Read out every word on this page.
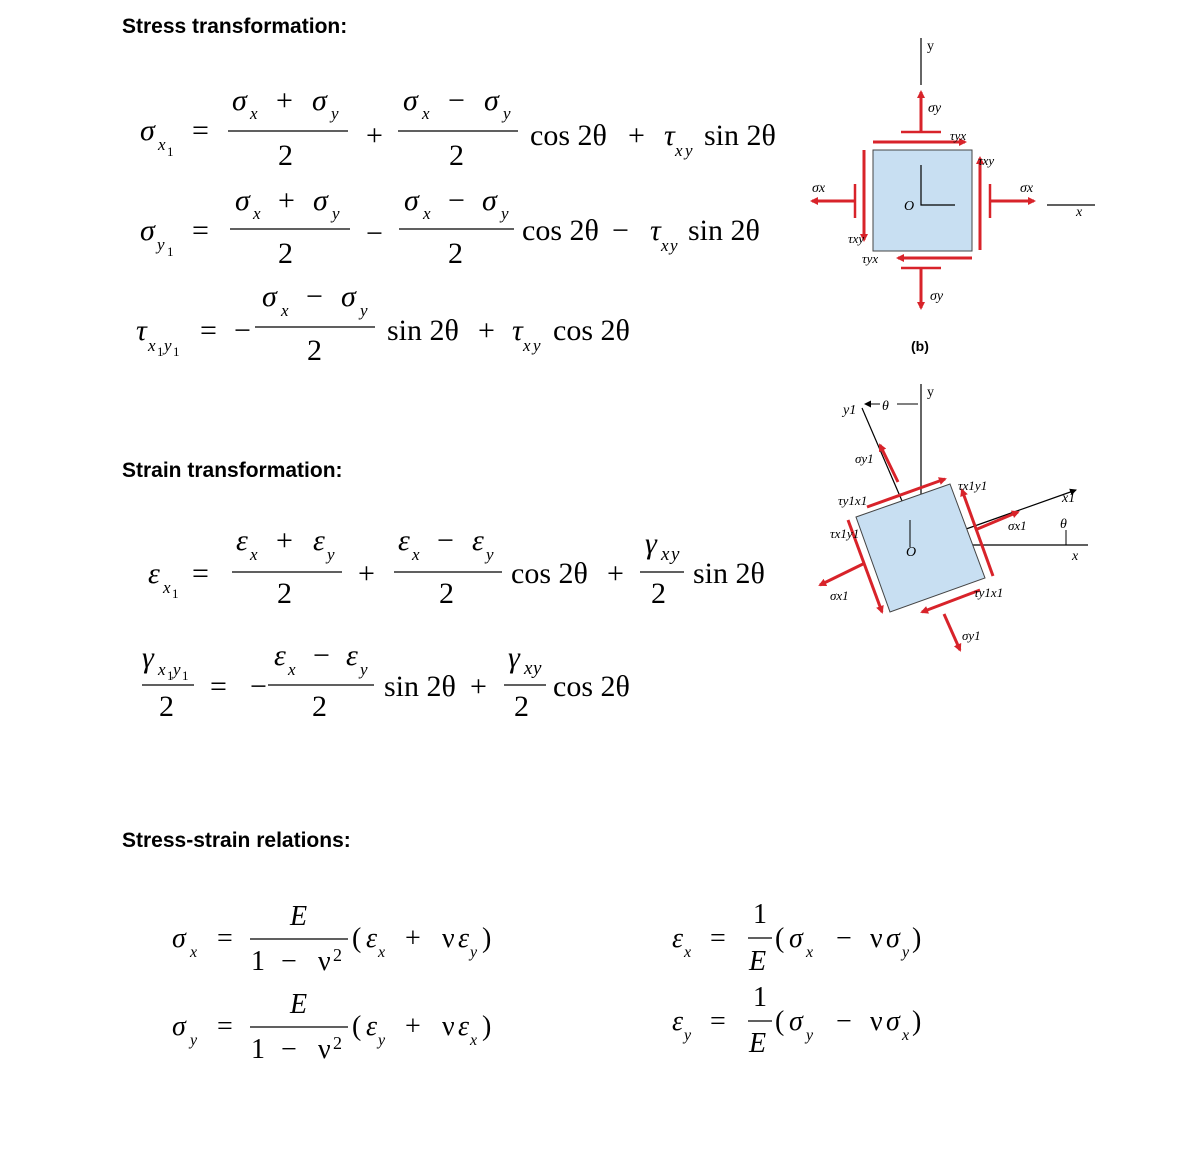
Stress transformation:
Strain transformation:
Stress-strain relations:
σ x 1
=
σ x + σ y
2
+
σ x − σ y
2
cos 2θ + τ x y sin 2θ
σ y 1
=
σ x + σ y
2
−
σ x − σ y
2
cos 2θ − τ x y sin 2θ
τ x 1 y 1
= −
σ x − σ y
2
sin 2θ + τ x y cos 2θ
ε x 1
=
ε x + ε y
2
+
ε x − ε y
2
cos 2θ +
γ x y
2
sin 2θ
γ x 1 y 1
2
= −
ε x − ε y
2
sin 2θ +
γ x y
2
cos 2θ
σ x =
E
1 − ν 2
( ε x + ν ε y )
σ y =
E
1 − ν 2
( ε y + ν ε x )
ε x =
1
E
( σ x − ν σ y )
ε y =
1
E
( σ y − ν σ x )
y
x
O
σy
τyx
τxy
σx
σx
τxy
τyx
σy
(b)
y
x
y1
x1
θ
θ
O
σy1
τy1x1
τx1y1
σx1
τx1y1
σx1
τy1x1
σy1
